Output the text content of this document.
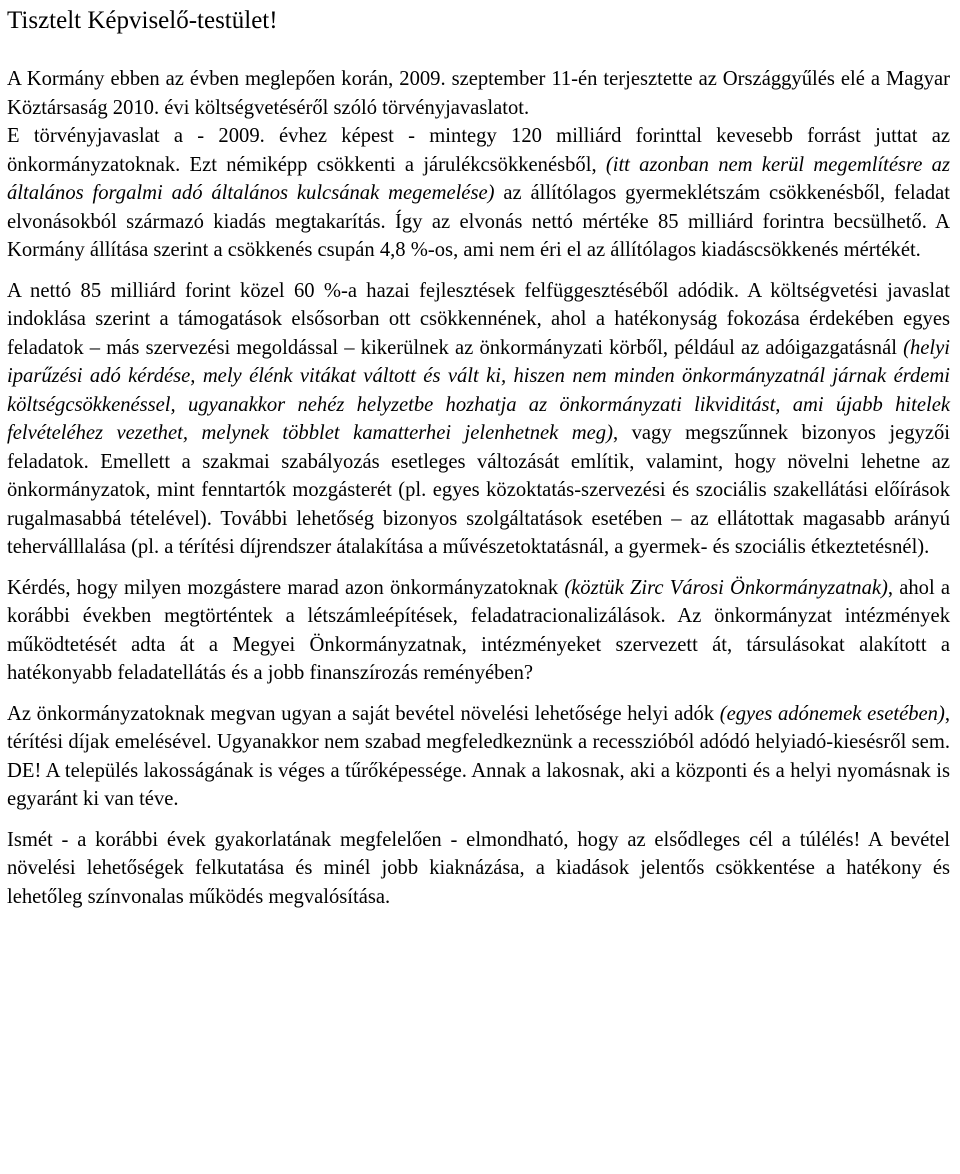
Tisztelt Képviselő-testület!

A Kormány ebben az évben meglepően korán, 2009. szeptember 11-én terjesztette az Országgyűlés elé a Magyar Köztársaság 2010. évi költségvetéséről szóló törvényjavaslatot.

E törvényjavaslat a - 2009. évhez képest - mintegy 120 milliárd forinttal kevesebb forrást juttat az önkormányzatoknak. Ezt némiképp csökkenti a járulékcsökkenésből, (itt azonban nem kerül megemlítésre az általános forgalmi adó általános kulcsának megemelése) az állítólagos gyermeklétszám csökkenésből, feladat elvonásokból származó kiadás megtakarítás. Így az elvonás nettó mértéke 85 milliárd forintra becsülhető. A Kormány állítása szerint a csökkenés csupán 4,8 %-os, ami nem éri el az állítólagos kiadáscsökkenés mértékét.

A nettó 85 milliárd forint közel 60 %-a hazai fejlesztések felfüggesztéséből adódik. A költségvetési javaslat indoklása szerint a támogatások elsősorban ott csökkennének, ahol a hatékonyság fokozása érdekében egyes feladatok – más szervezési megoldással – kikerülnek az önkormányzati körből, például az adóigazgatásnál (helyi iparűzési adó kérdése, mely élénk vitákat váltott és vált ki, hiszen nem minden önkormányzatnál járnak érdemi költségcsökkenéssel, ugyanakkor nehéz helyzetbe hozhatja az önkormányzati likviditást, ami újabb hitelek felvételéhez vezethet, melynek többlet kamatterhei jelenhetnek meg), vagy megszűnnek bizonyos jegyzői feladatok. Emellett a szakmai szabályozás esetleges változását említik, valamint, hogy növelni lehetne az önkormányzatok, mint fenntartók mozgásterét (pl. egyes közoktatás-szervezési és szociális szakellátási előírások rugalmasabbá tételével). További lehetőség bizonyos szolgáltatások esetében – az ellátottak magasabb arányú teherválllalása (pl. a térítési díjrendszer átalakítása a művészetoktatásnál, a gyermek- és szociális étkeztetésnél).

Kérdés, hogy milyen mozgástere marad azon önkormányzatoknak (köztük Zirc Városi Önkormányzatnak), ahol a korábbi években megtörténtek a létszámleépítések, feladatracionalizálások. Az önkormányzat intézmények működtetését adta át a Megyei Önkormányzatnak, intézményeket szervezett át, társulásokat alakított a hatékonyabb feladatellátás és a jobb finanszírozás reményében?

Az önkormányzatoknak megvan ugyan a saját bevétel növelési lehetősége helyi adók (egyes adónemek esetében), térítési díjak emelésével. Ugyanakkor nem szabad megfeledkeznünk a recesszióból adódó helyiadó-kiesésről sem. DE! A település lakosságának is véges a tűrőképessége. Annak a lakosnak, aki a központi és a helyi nyomásnak is egyaránt ki van téve.

Ismét - a korábbi évek gyakorlatának megfelelően - elmondható, hogy az elsődleges cél a túlélés! A bevétel növelési lehetőségek felkutatása és minél jobb kiaknázása, a kiadások jelentős csökkentése a hatékony és lehetőleg színvonalas működés megvalósítása.
